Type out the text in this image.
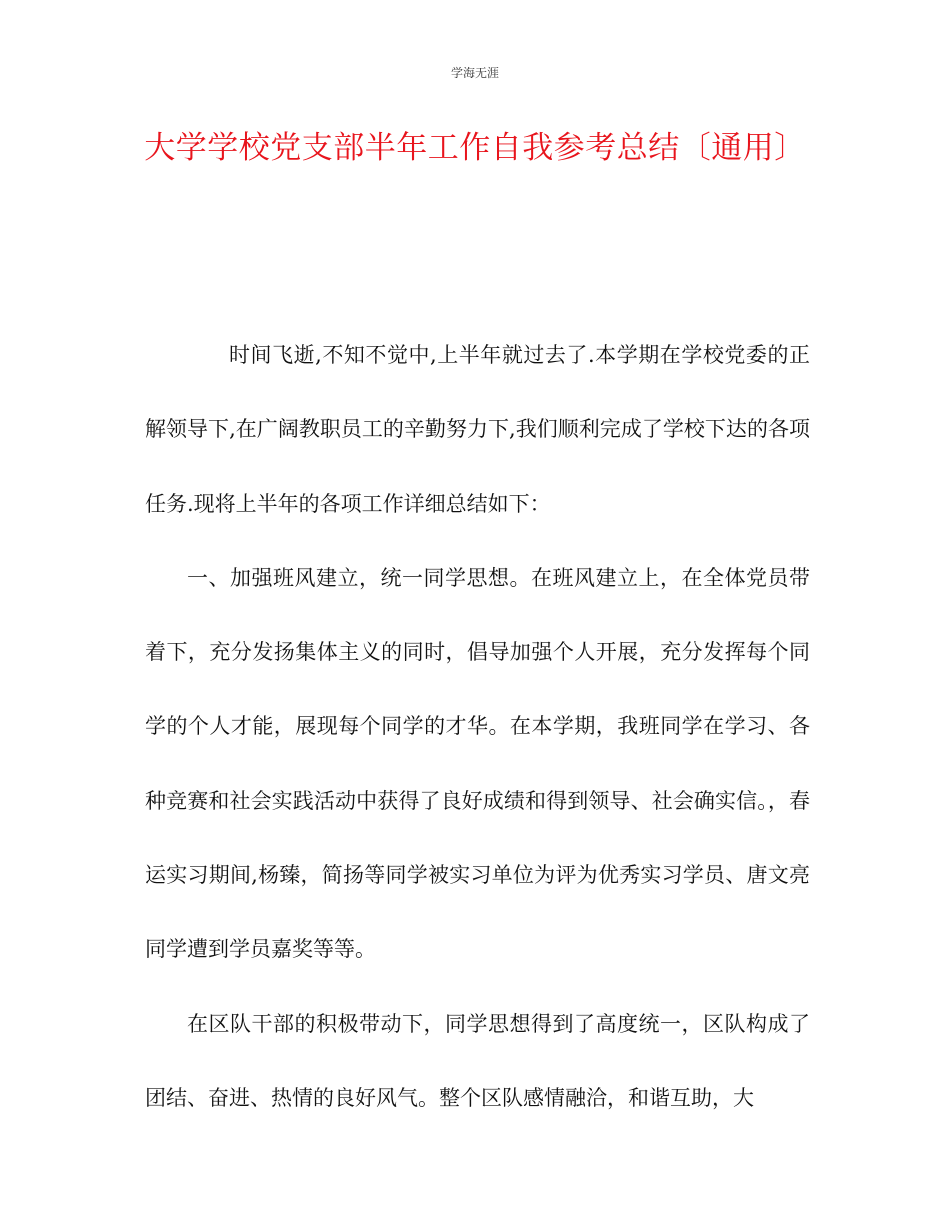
学海无涯
大学学校党支部半年工作自我参考总结〔通用〕

时间飞逝,不知不觉中,上半年就过去了.本学期在学校党委的正解领导下,在广阔教职员工的辛勤努力下,我们顺利完成了学校下达的各项任务.现将上半年的各项工作详细总结如下：

一、加强班风建立，统一同学思想。在班风建立上，在全体党员带着下，充分发扬集体主义的同时，倡导加强个人开展，充分发挥每个同学的个人才能，展现每个同学的才华。在本学期，我班同学在学习、各种竞赛和社会实践活动中获得了良好成绩和得到领导、社会确实信。，春运实习期间,杨臻，简扬等同学被实习单位为评为优秀实习学员、唐文亮同学遭到学员嘉奖等等。

在区队干部的积极带动下，同学思想得到了高度统一，区队构成了团结、奋进、热情的良好风气。整个区队感情融洽，和谐互助，大
